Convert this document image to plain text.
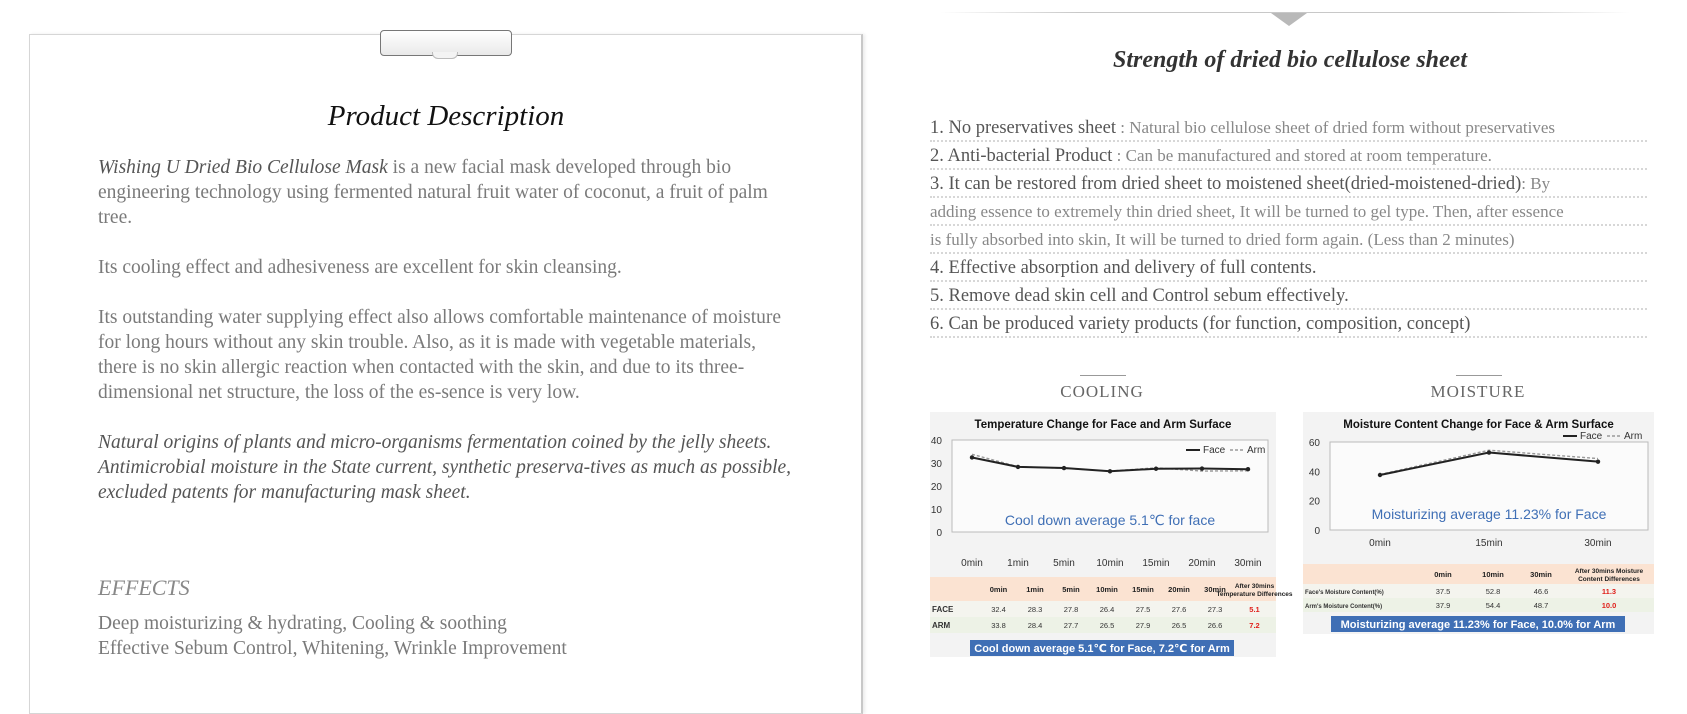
Product Description

Wishing U Dried Bio Cellulose Mask is a new facial mask developed through bio engineering technology using fermented natural fruit water of coconut, a fruit of palm tree.

Its cooling effect and adhesiveness are excellent for skin cleansing.

Its outstanding water supplying effect also allows comfortable maintenance of moisture for long hours without any skin trouble. Also, as it is made with vegetable materials, there is no skin allergic reaction when contacted with the skin, and due to its three-dimensional net structure, the loss of the es-sence is very low.

Natural origins of plants and micro-organisms fermentation coined by the jelly sheets. Antimicrobial moisture in the State current, synthetic preserva-tives as much as possible, excluded patents for manufacturing mask sheet.

EFFECTS
Deep moisturizing & hydrating, Cooling & soothing
Effective Sebum Control, Whitening, Wrinkle Improvement
Strength of dried bio cellulose sheet
1. No preservatives sheet : Natural bio cellulose sheet of dried form without preservatives
2. Anti-bacterial Product : Can be manufactured and stored at room temperature.
3. It can be restored from dried sheet to moistened sheet(dried-moistened-dried): By
adding essence to extremely thin dried sheet, It will be turned to gel type. Then, after essence
is fully absorbed into skin, It will be turned to dried form again. (Less than 2 minutes)
4. Effective absorption and delivery of full contents.
5. Remove dead skin cell and Control sebum effectively.
6. Can be produced variety products (for function, composition, concept)
COOLING	MOISTURE
Temperature Change for Face and Arm Surface
0
10
20
30
40
0min 1min 5min 10min 15min 20min 30min
Face Arm
Cool down average 5.1℃ for face
0min	1min 5min 10min 15min 20min 30min After 30mins
Temperature Differences
FACE	32.4	28.3	27.8	26.4	27.5	27.6	27.3	5.1
ARM	33.8	28.4	27.7	26.5	27.9	26.5	26.6	7.2
Cool down average 5.1℃ for Face, 7.2℃ for Arm
Moisture Content Change for Face & Arm Surface
0
20
40
60
0min	15min	30min
Face Arm
Moisturizing average 11.23% for Face
0min	10min	30min	After 30mins Moisture
Content Differences
Face's Moisture Content(%)	37.5	52.8	46.6	11.3
Arm's Moisture Content(%)	37.9	54.4	48.7	10.0
Moisturizing average 11.23% for Face, 10.0% for Arm
